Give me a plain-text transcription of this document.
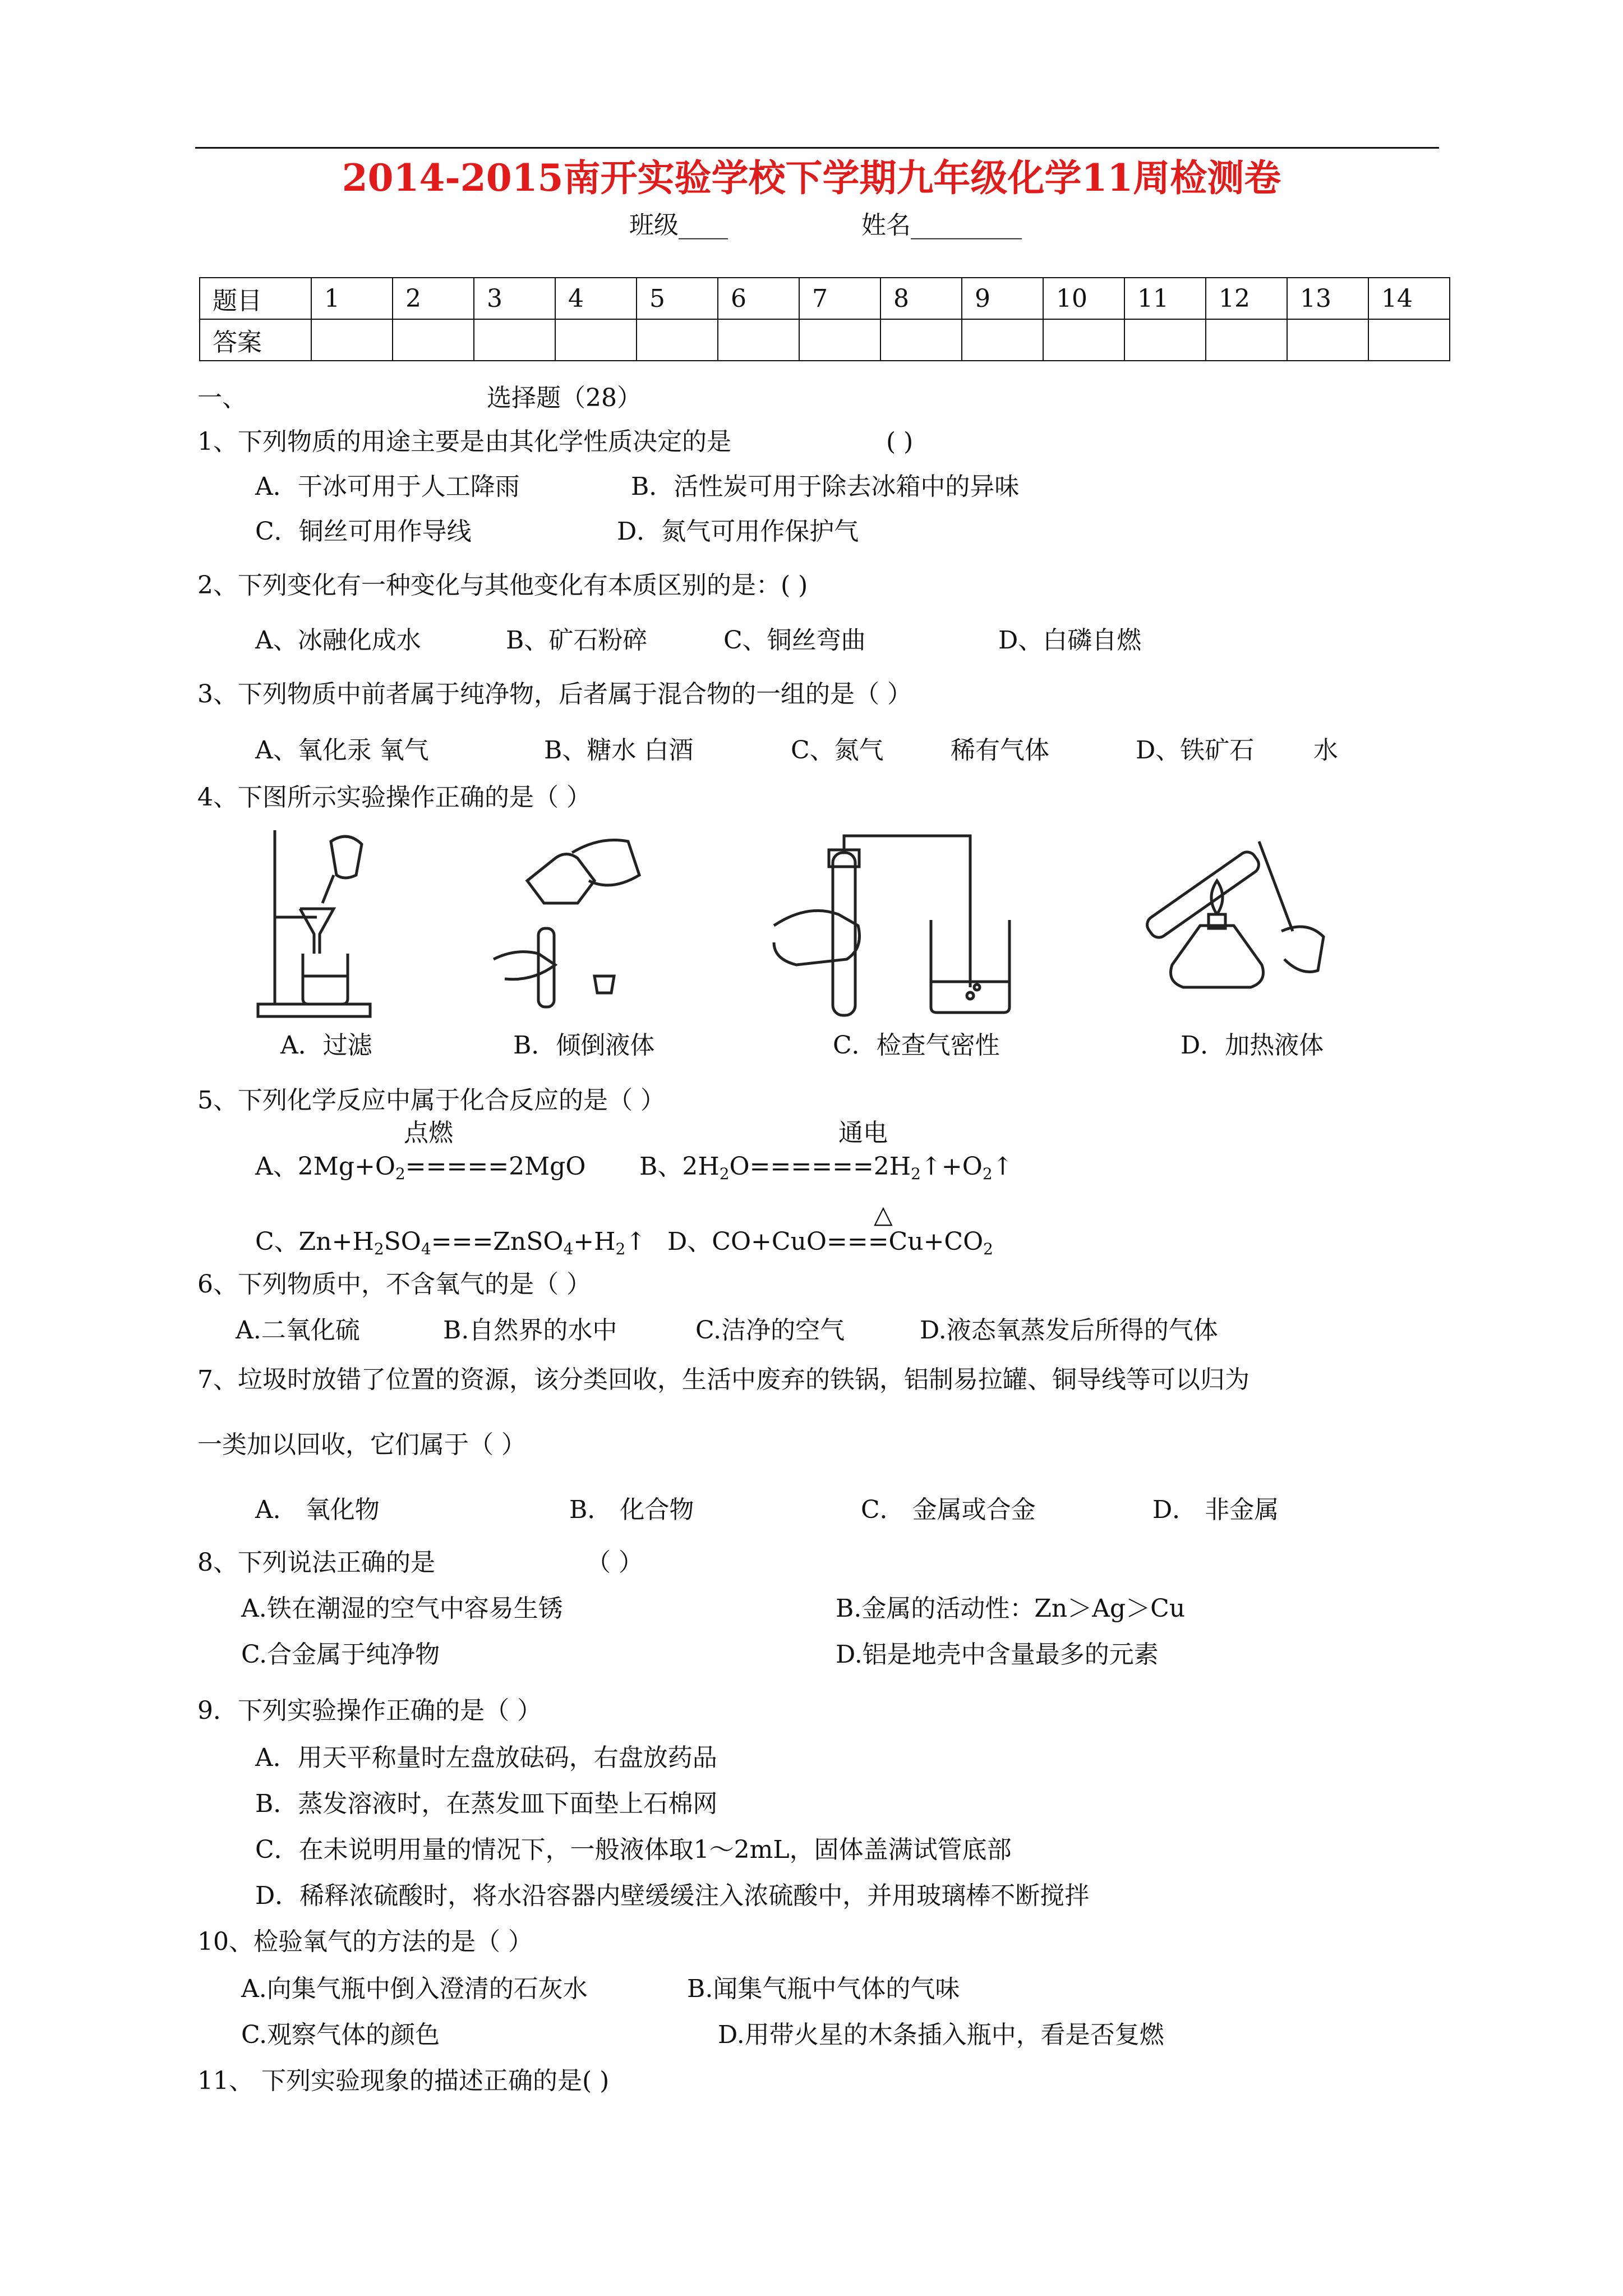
2014-2015南开实验学校下学期九年级化学11周检测卷
班级____	姓名_________
题目	1	2	3	4	5	6	7	8	9	10	11	12	13	14
答案														
一、	选择题（28）
1、下列物质的用途主要是由其化学性质决定的是	( )
A．干冰可用于人工降雨	B．活性炭可用于除去冰箱中的异味
C．铜丝可用作导线	D．氮气可用作保护气
2、下列变化有一种变化与其他变化有本质区别的是：( )
A、冰融化成水	B、矿石粉碎	C、铜丝弯曲	D、白磷自燃
3、下列物质中前者属于纯净物，后者属于混合物的一组的是（ ）
A、氧化汞 氧气	B、糖水 白酒	C、氮气	稀有气体	D、铁矿石 水
4、下图所示实验操作正确的是（ ）
A．过滤	B．倾倒液体	C．检查气密性	D．加热液体
5、下列化学反应中属于化合反应的是（ ）
点燃	通电
A、$2Mg+O_2=====2MgO$ B、$2H_2O======2H_2↑+O_2↑$
△
C、$Zn+H_2SO_4===ZnSO_4+H_2↑$ D、$CO+CuO===Cu+CO_2$
6、下列物质中，不含氧气的是（ ）
A.二氧化硫	B.自然界的水中	C.洁净的空气	D.液态氧蒸发后所得的气体
7、垃圾时放错了位置的资源，该分类回收，生活中废弃的铁锅，铝制易拉罐、铜导线等可以归为
一类加以回收，它们属于（ ）
A． 氧化物	B． 化合物	C． 金属或合金	D． 非金属
8、下列说法正确的是	（ ）
A.铁在潮湿的空气中容易生锈	B.金属的活动性：Zn＞Ag＞Cu
C.合金属于纯净物	D.铝是地壳中含量最多的元素
9．下列实验操作正确的是（ ）
A．用天平称量时左盘放砝码，右盘放药品
B．蒸发溶液时，在蒸发皿下面垫上石棉网
C．在未说明用量的情况下，一般液体取1～2mL，固体盖满试管底部
D．稀释浓硫酸时，将水沿容器内壁缓缓注入浓硫酸中，并用玻璃棒不断搅拌
10、检验氧气的方法的是（ ）
A.向集气瓶中倒入澄清的石灰水	B.闻集气瓶中气体的气味
C.观察气体的颜色	D.用带火星的木条插入瓶中，看是否复燃
11、 下列实验现象的描述正确的是( )
